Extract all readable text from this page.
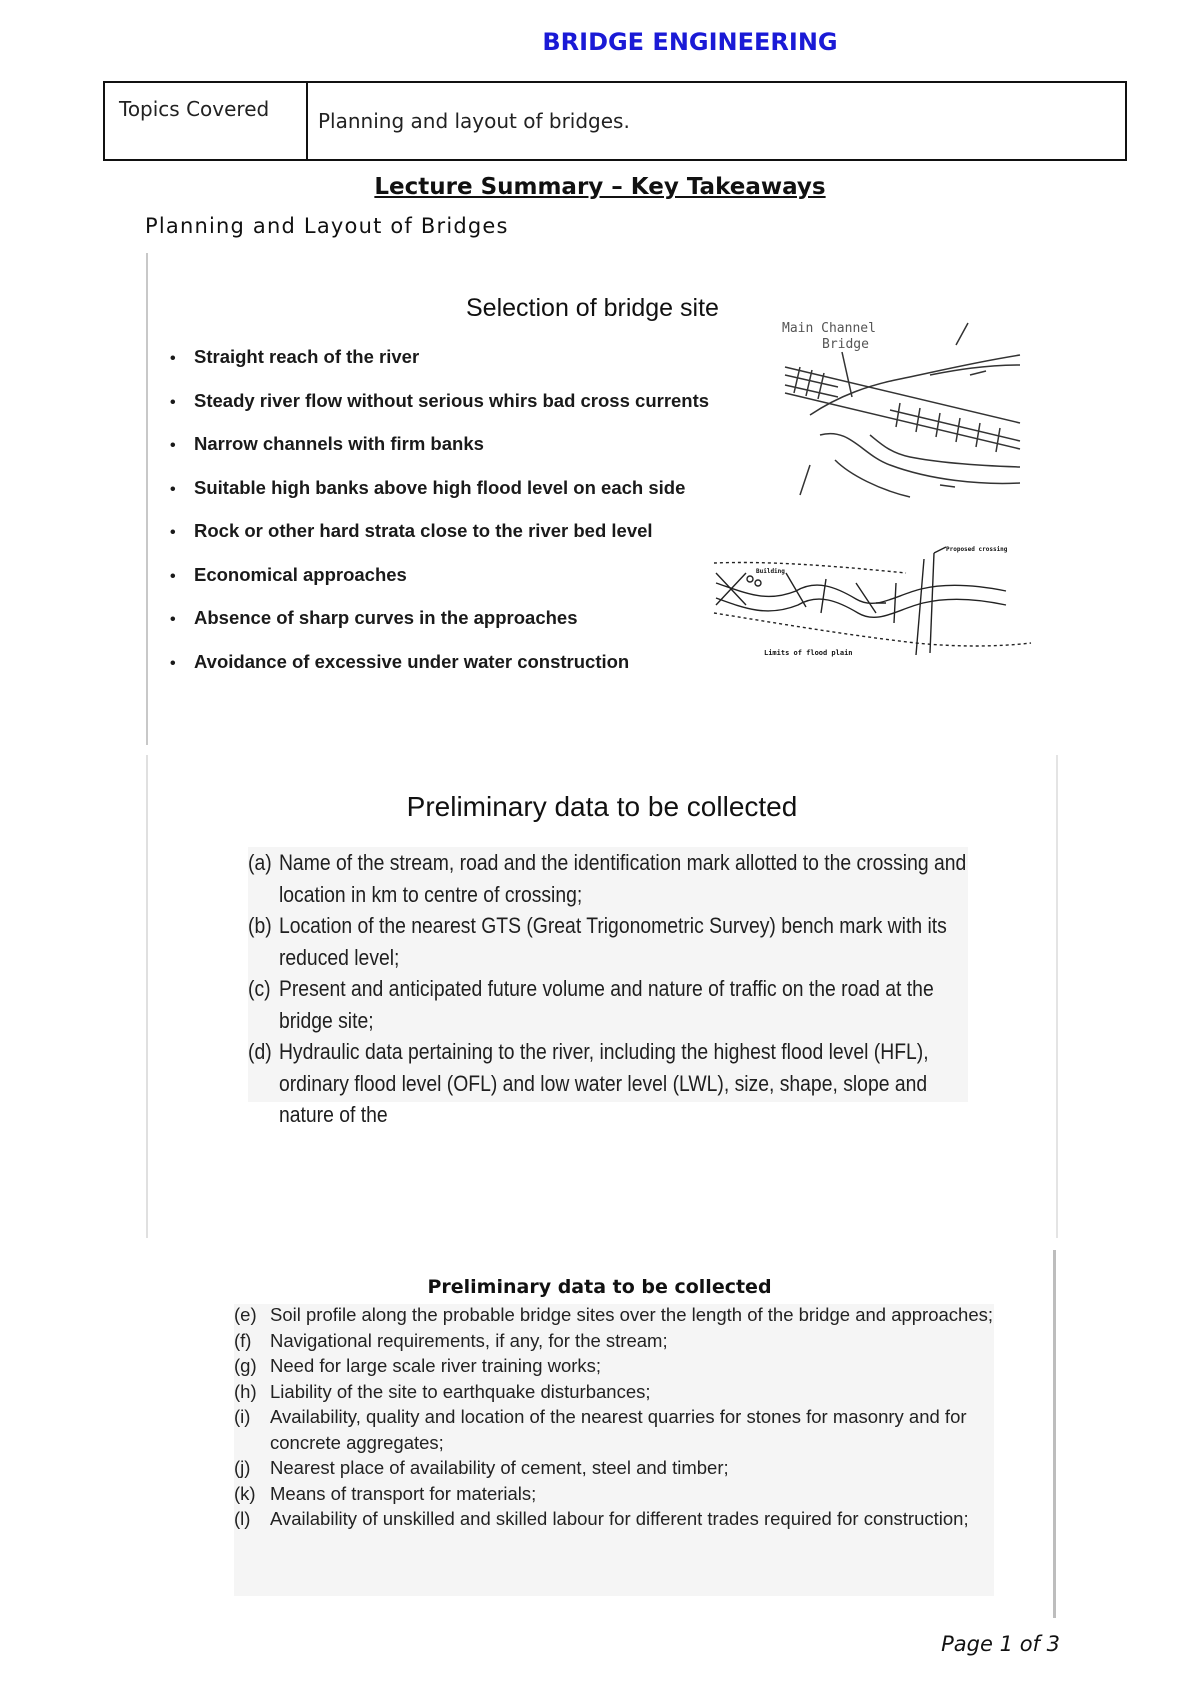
BRIDGE ENGINEERING
Topics Covered	Planning and layout of bridges.
Lecture Summary – Key Takeaways
Planning and Layout of Bridges
Selection of bridge site
• Straight reach of the river
• Steady river flow without serious whirs bad cross currents
• Narrow channels with firm banks
• Suitable high banks above high flood level on each side
• Rock or other hard strata close to the river bed level
• Economical approaches
• Absence of sharp curves in the approaches
• Avoidance of excessive under water construction
Main Channel
Bridge
Proposed crossing
Building
Limits of flood plain
Preliminary data to be collected
(a) Name of the stream, road and the identification mark allotted to the crossing and location in km to centre of crossing;
(b) Location of the nearest GTS (Great Trigonometric Survey) bench mark with its reduced level;
(c) Present and anticipated future volume and nature of traffic on the road at the bridge site;
(d) Hydraulic data pertaining to the river, including the highest flood level (HFL), ordinary flood level (OFL) and low water level (LWL), size, shape, slope and nature of the
Preliminary data to be collected
(e) Soil profile along the probable bridge sites over the length of the bridge and approaches;
(f)	Navigational requirements, if any, for the stream;
(g) Need for large scale river training works;
(h) Liability of the site to earthquake disturbances;
(i)	Availability, quality and location of the nearest quarries for stones for masonry and for concrete aggregates;
(j)	Nearest place of availability of cement, steel and timber;
(k) Means of transport for materials;
(l)	Availability of unskilled and skilled labour for different trades required for construction;
Page 1 of 3
